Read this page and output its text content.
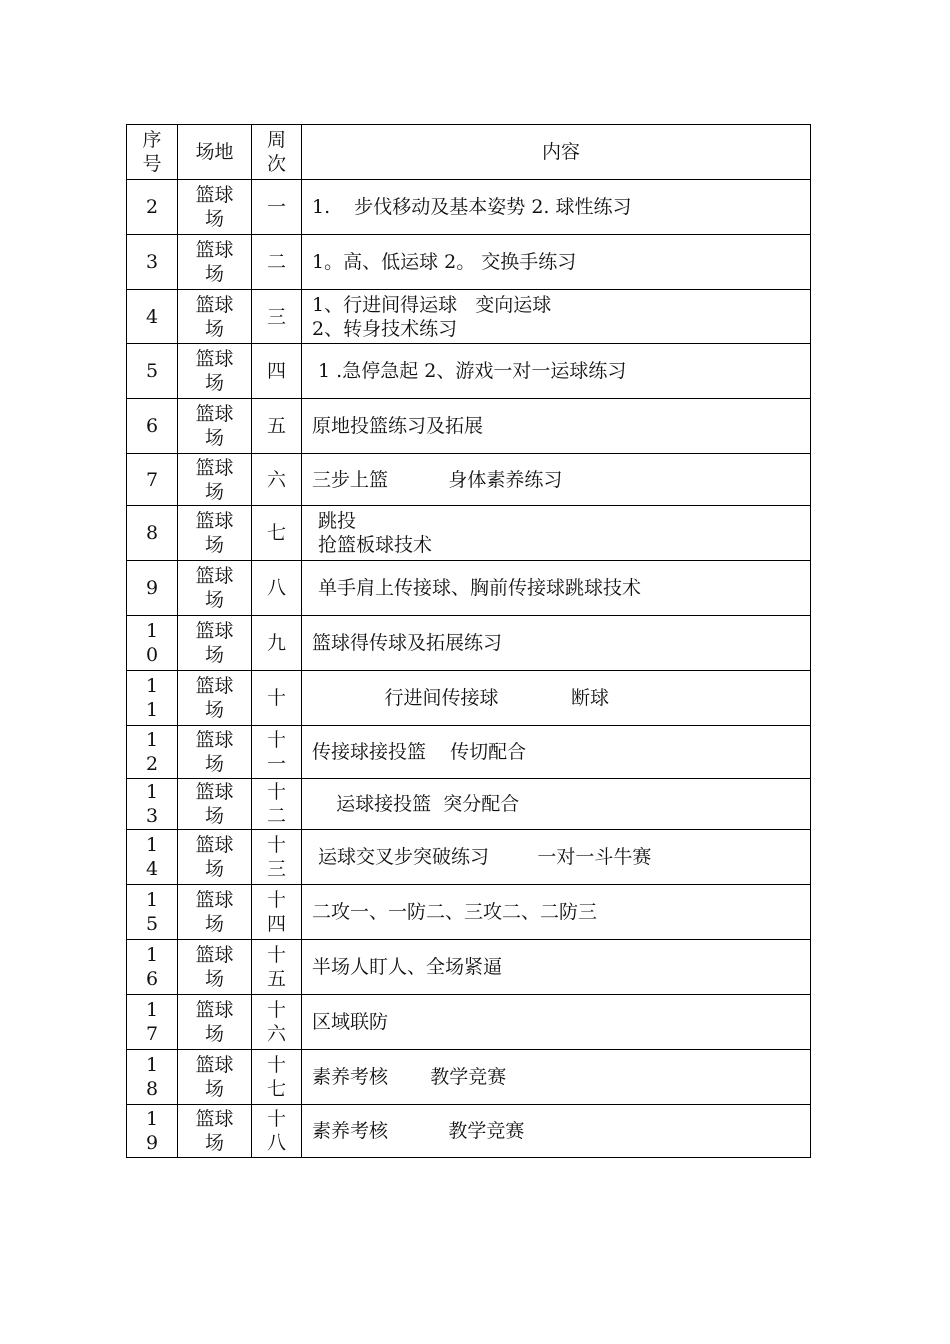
序号	场地	周次	内容

2	篮球场	一	1.    步伐移动及基本姿势 2. 球性练习

3	篮球场	二	1。高、低运球 2。 交换手练习

4	篮球场	三	1、行进间得运球   变向运球
2、转身技术练习

5	篮球场	四	1 .急停急起 2、游戏一对一运球练习

6	篮球场	五	原地投篮练习及拓展

7	篮球场	六	三步上篮          身体素养练习

8	篮球场	七	跳投
抢篮板球技术

9	篮球场	八	单手肩上传接球、胸前传接球跳球技术

10	篮球场	九	篮球得传球及拓展练习

11	篮球场	十	行进间传接球            断球

12	篮球场	十一	传接球接投篮    传切配合

13	篮球场	十二	运球接投篮  突分配合

14	篮球场	十三	运球交叉步突破练习        一对一斗牛赛

15	篮球场	十四	二攻一、一防二、三攻二、二防三

16	篮球场	十五	半场人盯人、全场紧逼

17	篮球场	十六	区域联防

18	篮球场	十七	素养考核       教学竞赛

19	篮球场	十八	素养考核          教学竞赛
